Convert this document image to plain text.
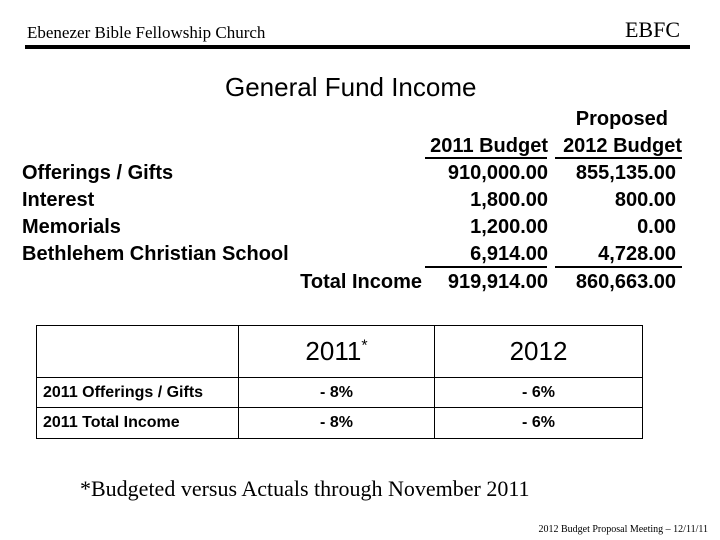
Ebenezer Bible Fellowship Church	EBFC
General Fund Income
Proposed
2011 Budget 2012 Budget
Offerings / Gifts	910,000.00 855,135.00
Interest	1,800.00	800.00
Memorials	1,200.00	0.00
Bethlehem Christian School	6,914.00	4,728.00
Total Income 919,914.00 860,663.00
	2011*	2012
2011 Offerings / Gifts	- 8%	- 6%
2011 Total Income	- 8%	- 6%
*Budgeted versus Actuals through November 2011
2012 Budget Proposal Meeting – 12/11/11
